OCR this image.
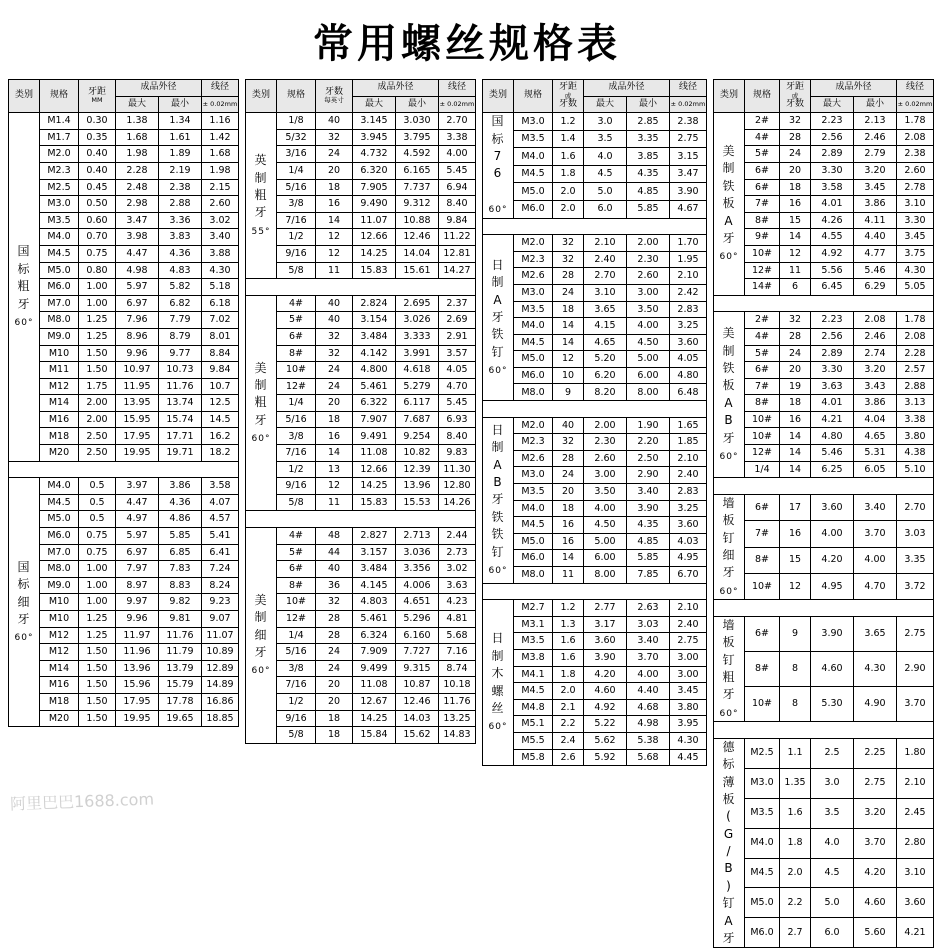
常用螺丝规格表
类别	规格	牙距
MM	成品外径		线径
			最大	最小	± 0.02mm
国
标
粗
牙
60°	M1.4	0.30	1.38	1.34	1.16
	M1.7	0.35	1.68	1.61	1.42
	M2.0	0.40	1.98	1.89	1.68
	M2.3	0.40	2.28	2.19	1.98
	M2.5	0.45	2.48	2.38	2.15
	M3.0	0.50	2.98	2.88	2.60
	M3.5	0.60	3.47	3.36	3.02
	M4.0	0.70	3.98	3.83	3.40
	M4.5	0.75	4.47	4.36	3.88
	M5.0	0.80	4.98	4.83	4.30
	M6.0	1.00	5.97	5.82	5.18
	M7.0	1.00	6.97	6.82	6.18
	M8.0	1.25	7.96	7.79	7.02
	M9.0	1.25	8.96	8.79	8.01
	M10	1.50	9.96	9.77	8.84
	M11	1.50	10.97	10.73	9.84
	M12	1.75	11.95	11.76	10.7
	M14	2.00	13.95	13.74	12.5
	M16	2.00	15.95	15.74	14.5
	M18	2.50	17.95	17.71	16.2
	M20	2.50	19.95	19.71	18.2

国
标
细
牙
60°	M4.0	0.5	3.97	3.86	3.58
	M4.5	0.5	4.47	4.36	4.07
	M5.0	0.5	4.97	4.86	4.57
	M6.0	0.75	5.97	5.85	5.41
	M7.0	0.75	6.97	6.85	6.41
	M8.0	1.00	7.97	7.83	7.24
	M9.0	1.00	8.97	8.83	8.24
	M10	1.00	9.97	9.82	9.23
	M10	1.25	9.96	9.81	9.07
	M12	1.25	11.97	11.76	11.07
	M12	1.50	11.96	11.79	10.89
	M14	1.50	13.96	13.79	12.89
	M16	1.50	15.96	15.79	14.89
	M18	1.50	17.95	17.78	16.86
	M20	1.50	19.95	19.65	18.85
类别	规格	牙数
每英寸	成品外径		线径
			最大	最小	± 0.02mm
英
制
粗
牙
55°	1/8	40	3.145	3.030	2.70
	5/32	32	3.945	3.795	3.38
	3/16	24	4.732	4.592	4.00
	1/4	20	6.320	6.165	5.45
	5/16	18	7.905	7.737	6.94
	3/8	16	9.490	9.312	8.40
	7/16	14	11.07	10.88	9.84
	1/2	12	12.66	12.46	11.22
	9/16	12	14.25	14.04	12.81
	5/8	11	15.83	15.61	14.27

美
制
粗
牙
60°	4#	40	2.824	2.695	2.37
	5#	40	3.154	3.026	2.69
	6#	32	3.484	3.333	2.91
	8#	32	4.142	3.991	3.57
	10#	24	4.800	4.618	4.05
	12#	24	5.461	5.279	4.70
	1/4	20	6.322	6.117	5.45
	5/16	18	7.907	7.687	6.93
	3/8	16	9.491	9.254	8.40
	7/16	14	11.08	10.82	9.83
	1/2	13	12.66	12.39	11.30
	9/16	12	14.25	13.96	12.80
	5/8	11	15.83	15.53	14.26

美
制
细
牙
60°	4#	48	2.827	2.713	2.44
	5#	44	3.157	3.036	2.73
	6#	40	3.484	3.356	3.02
	8#	36	4.145	4.006	3.63
	10#	32	4.803	4.651	4.23
	12#	28	5.461	5.296	4.81
	1/4	28	6.324	6.160	5.68
	5/16	24	7.909	7.727	7.16
	3/8	24	9.499	9.315	8.74
	7/16	20	11.08	10.87	10.18
	1/2	20	12.67	12.46	11.76
	9/16	18	14.25	14.03	13.25
	5/8	18	15.84	15.62	14.83
类别	规格	牙距
或
牙数	成品外径		线径
			最大	最小	± 0.02mm
国
标
7
6

60°	M3.0	1.2	3.0	2.85	2.38
	M3.5	1.4	3.5	3.35	2.75
	M4.0	1.6	4.0	3.85	3.15
	M4.5	1.8	4.5	4.35	3.47
	M5.0	2.0	5.0	4.85	3.90
	M6.0	2.0	6.0	5.85	4.67

日
制
A
牙
铁
钉
60°	M2.0	32	2.10	2.00	1.70
	M2.3	32	2.40	2.30	1.95
	M2.6	28	2.70	2.60	2.10
	M3.0	24	3.10	3.00	2.42
	M3.5	18	3.65	3.50	2.83
	M4.0	14	4.15	4.00	3.25
	M4.5	14	4.65	4.50	3.60
	M5.0	12	5.20	5.00	4.05
	M6.0	10	6.20	6.00	4.80
	M8.0	9	8.20	8.00	6.48

日
制
A
B
牙
铁
铁
钉
60°	M2.0	40	2.00	1.90	1.65
	M2.3	32	2.30	2.20	1.85
	M2.6	28	2.60	2.50	2.10
	M3.0	24	3.00	2.90	2.40
	M3.5	20	3.50	3.40	2.83
	M4.0	18	4.00	3.90	3.25
	M4.5	16	4.50	4.35	3.60
	M5.0	16	5.00	4.85	4.03
	M6.0	14	6.00	5.85	4.95
	M8.0	11	8.00	7.85	6.70

日
制
木
螺
丝
60°	M2.7	1.2	2.77	2.63	2.10
	M3.1	1.3	3.17	3.03	2.40
	M3.5	1.6	3.60	3.40	2.75
	M3.8	1.6	3.90	3.70	3.00
	M4.1	1.8	4.20	4.00	3.00
	M4.5	2.0	4.60	4.40	3.45
	M4.8	2.1	4.92	4.68	3.80
	M5.1	2.2	5.22	4.98	3.95
	M5.5	2.4	5.62	5.38	4.30
	M5.8	2.6	5.92	5.68	4.45
类别	规格	牙距
或
牙数	成品外径		线径
			最大	最小	± 0.02mm
美
制
铁
板
A
牙
60°	2#	32	2.23	2.13	1.78
	4#	28	2.56	2.46	2.08
	5#	24	2.89	2.79	2.38
	6#	20	3.30	3.20	2.60
	6#	18	3.58	3.45	2.78
	7#	16	4.01	3.86	3.10
	8#	15	4.26	4.11	3.30
	9#	14	4.55	4.40	3.45
	10#	12	4.92	4.77	3.75
	12#	11	5.56	5.46	4.30
	14#	6	6.45	6.29	5.05

美
制
铁
板
A
B
牙
60°	2#	32	2.23	2.08	1.78
	4#	28	2.56	2.46	2.08
	5#	24	2.89	2.74	2.28
	6#	20	3.30	3.20	2.57
	7#	19	3.63	3.43	2.88
	8#	18	4.01	3.86	3.13
	10#	16	4.21	4.04	3.38
	10#	14	4.80	4.65	3.80
	12#	14	5.46	5.31	4.38
	1/4	14	6.25	6.05	5.10

墙
板
钉
细
牙
60°	6#	17	3.60	3.40	2.70
	7#	16	4.00	3.70	3.03
	8#	15	4.20	4.00	3.35
	10#	12	4.95	4.70	3.72

墙
板
钉
粗
牙
60°	6#	9	3.90	3.65	2.75
	8#	8	4.60	4.30	2.90
	10#	8	5.30	4.90	3.70

德
标
薄
板
(
G
/
B
)
钉
A
牙	M2.5	1.1	2.5	2.25	1.80
	M3.0	1.35	3.0	2.75	2.10
	M3.5	1.6	3.5	3.20	2.45
	M4.0	1.8	4.0	3.70	2.80
	M4.5	2.0	4.5	4.20	3.10
	M5.0	2.2	5.0	4.60	3.60
	M6.0	2.7	6.0	5.60	4.21
阿里巴巴1688.com
